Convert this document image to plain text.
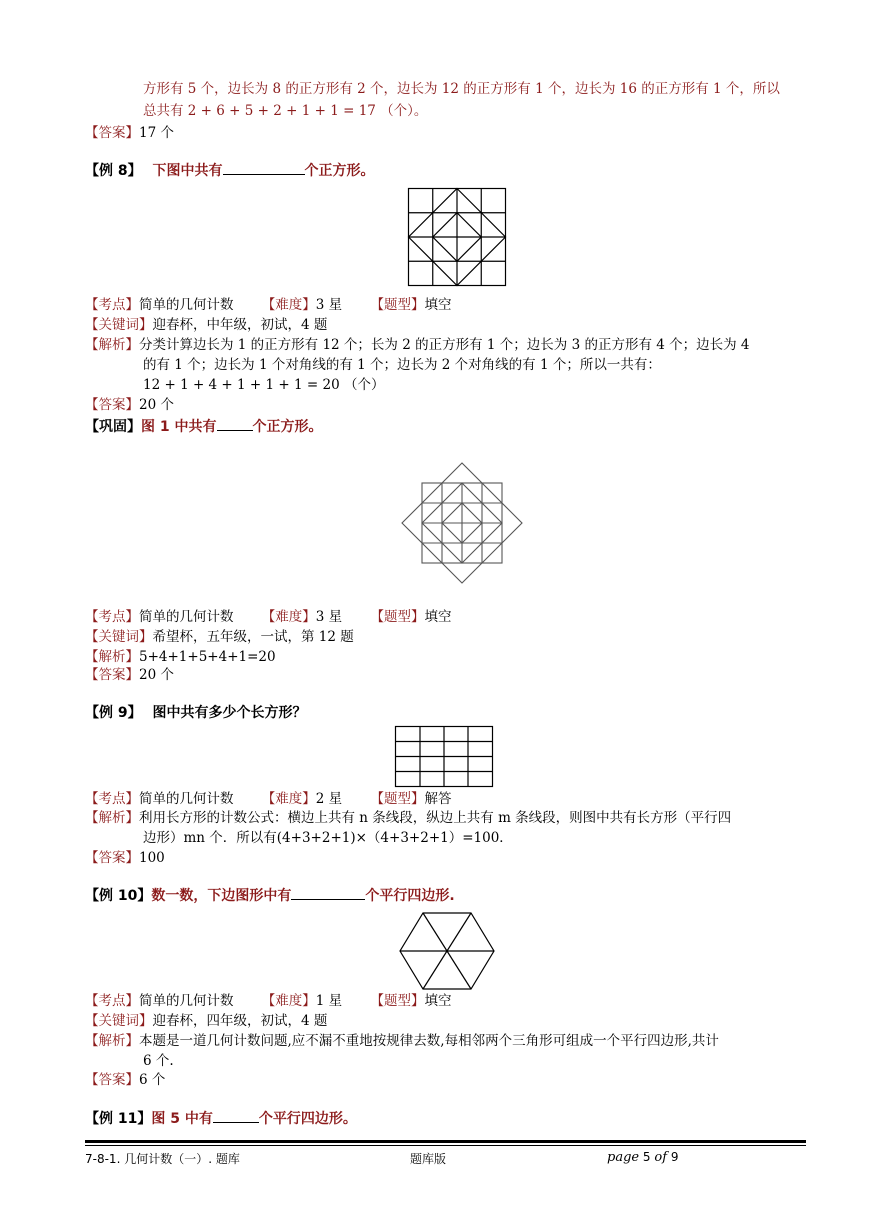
方形有 5 个，边长为 8 的正方形有 2 个，边长为 12 的正方形有 1 个，边长为 16 的正方形有 1 个，所以
总共有 2 + 6 + 5 + 2 + 1 + 1 = 17 （个）。
【答案】17 个
【例 8】 下图中共有	个正方形。
【考点】简单的几何计数 【难度】3 星 【题型】填空
【关键词】迎春杯，中年级，初试，4 题
【解析】分类计算边长为 1 的正方形有 12 个；长为 2 的正方形有 1 个；边长为 3 的正方形有 4 个；边长为 4
的有 1 个；边长为 1 个对角线的有 1 个；边长为 2 个对角线的有 1 个；所以一共有：
12 + 1 + 4 + 1 + 1 + 1 = 20 （个）
【答案】20 个
【巩固】图 1 中共有	个正方形。
【考点】简单的几何计数 【难度】3 星 【题型】填空
【关键词】希望杯，五年级，一试，第 12 题
【解析】5+4+1+5+4+1=20
【答案】20 个
【例 9】 图中共有多少个长方形？
【考点】简单的几何计数 【难度】2 星 【题型】解答
【解析】利用长方形的计数公式：横边上共有 n 条线段，纵边上共有 m 条线段，则图中共有长方形（平行四
边形）mn 个．所以有(4+3+2+1)×（4+3+2+1）=100．
【答案】100
【例 10】数一数，下边图形中有	个平行四边形.
【考点】简单的几何计数 【难度】1 星 【题型】填空
【关键词】迎春杯，四年级，初试，4 题
【解析】本题是一道几何计数问题,应不漏不重地按规律去数,每相邻两个三角形可组成一个平行四边形,共计
6 个.
【答案】6 个
【例 11】图 5 中有	个平行四边形。
7-8-1. 几何计数（一）. 题库	题库版	page 5 of 9
